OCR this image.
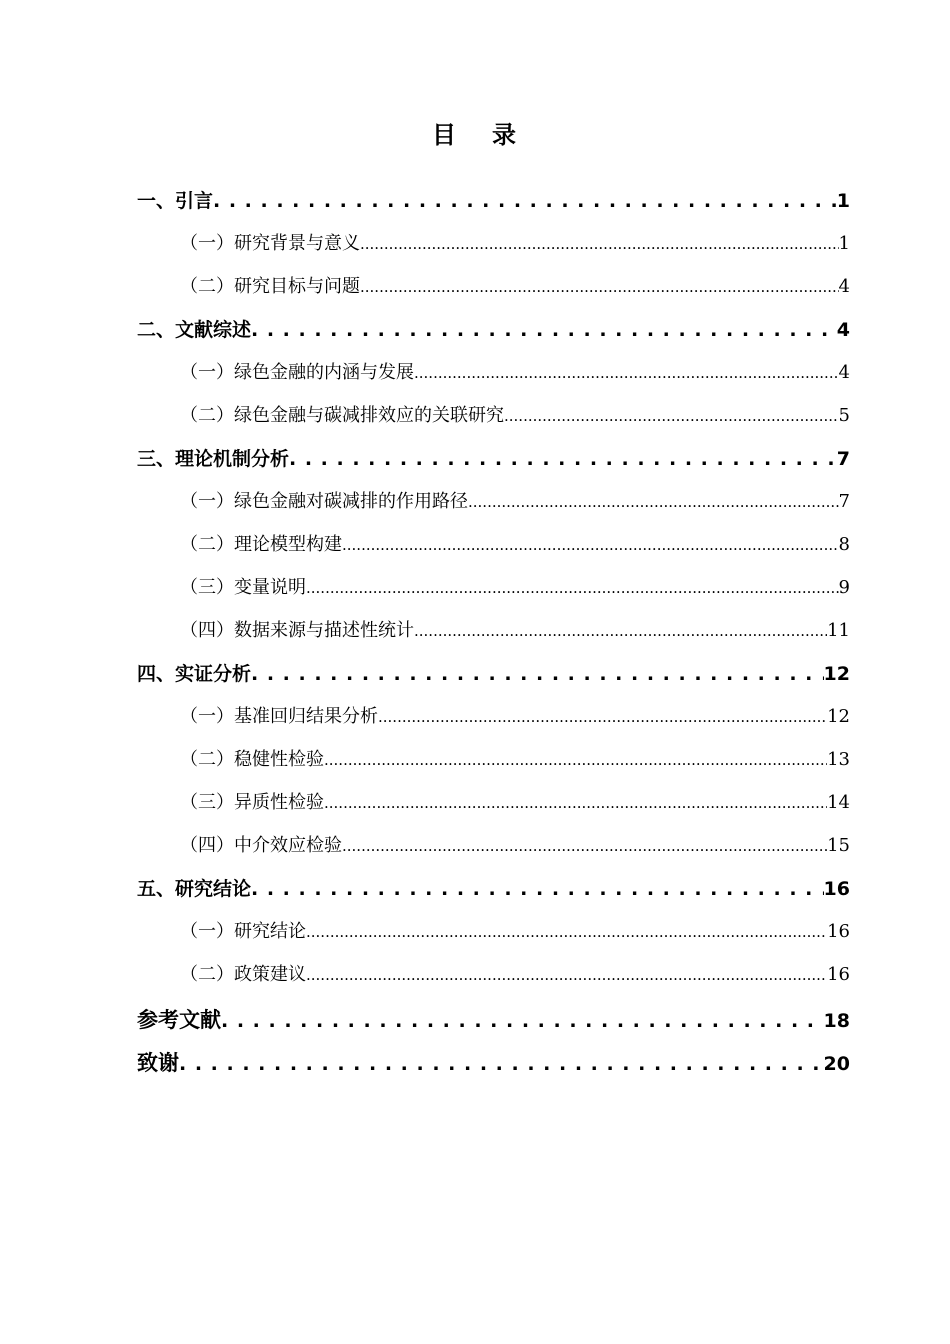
目 录
一、引言 . . .	1
（一）研究背景与意义 .....	1
（二）研究目标与问题 .....	4
二、文献综述 . . .	4
（一）绿色金融的内涵与发展 .....	4
（二）绿色金融与碳减排效应的关联研究 .....	5
三、理论机制分析 . . .	7
（一）绿色金融对碳减排的作用路径 .....	7
（二）理论模型构建 .....	8
（三）变量说明 .....	9
（四）数据来源与描述性统计 .....	11
四、实证分析 . . .	12
（一）基准回归结果分析 .....	12
（二）稳健性检验 .....	13
（三）异质性检验 .....	14
（四）中介效应检验 .....	15
五、研究结论 . . .	16
（一）研究结论 .....	16
（二）政策建议 .....	16
参考文献 . . .	18
致谢 . . .	20
